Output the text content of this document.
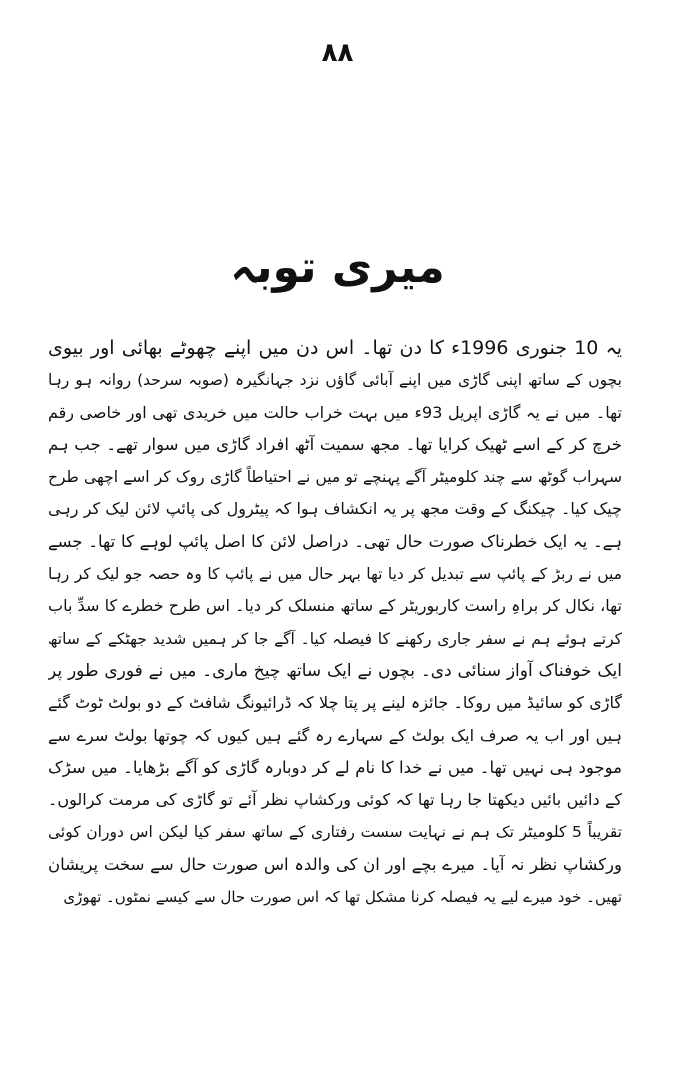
۸۸
میری توبہ
یہ 10 جنوری 1996ء کا دن تھا۔ اس دن میں اپنے چھوٹے بھائی اور بیوی
بچوں کے ساتھ اپنی گاڑی میں اپنے آبائی گاؤں نزد جہانگیرہ (صوبہ سرحد) روانہ ہو رہا
تھا۔ میں نے یہ گاڑی اپریل 93ء میں بہت خراب حالت میں خریدی تھی اور خاصی رقم
خرچ کر کے اسے ٹھیک کرایا تھا۔ مجھ سمیت آٹھ افراد گاڑی میں سوار تھے۔ جب ہم
سہراب گوٹھ سے چند کلومیٹر آگے پہنچے تو میں نے احتیاطاً گاڑی روک کر اسے اچھی طرح
چیک کیا۔ چیکنگ کے وقت مجھ پر یہ انکشاف ہوا کہ پیٹرول کی پائپ لائن لیک کر رہی
ہے۔ یہ ایک خطرناک صورت حال تھی۔ دراصل لائن کا اصل پائپ لوہے کا تھا۔ جسے
میں نے ربڑ کے پائپ سے تبدیل کر دیا تھا بہر حال میں نے پائپ کا وہ حصہ جو لیک کر رہا
تھا، نکال کر براہِ راست کاربوریٹر کے ساتھ منسلک کر دیا۔ اس طرح خطرے کا سدِّ باب
کرتے ہوئے ہم نے سفر جاری رکھنے کا فیصلہ کیا۔ آگے جا کر ہمیں شدید جھٹکے کے ساتھ
ایک خوفناک آواز سنائی دی۔ بچوں نے ایک ساتھ چیخ ماری۔ میں نے فوری طور پر
گاڑی کو سائیڈ میں روکا۔ جائزہ لینے پر پتا چلا کہ ڈرائیونگ شافٹ کے دو بولٹ ٹوٹ گئے
ہیں اور اب یہ صرف ایک بولٹ کے سہارے رہ گئے ہیں کیوں کہ چوتھا بولٹ سرے سے
موجود ہی نہیں تھا۔ میں نے خدا کا نام لے کر دوبارہ گاڑی کو آگے بڑھایا۔ میں سڑک
کے دائیں بائیں دیکھتا جا رہا تھا کہ کوئی ورکشاپ نظر آئے تو گاڑی کی مرمت کرالوں۔
تقریباً 5 کلومیٹر تک ہم نے نہایت سست رفتاری کے ساتھ سفر کیا لیکن اس دوران کوئی
ورکشاپ نظر نہ آیا۔ میرے بچے اور ان کی والدہ اس صورت حال سے سخت پریشان
تھیں۔ خود میرے لیے یہ فیصلہ کرنا مشکل تھا کہ اس صورت حال سے کیسے نمٹوں۔ تھوڑی
